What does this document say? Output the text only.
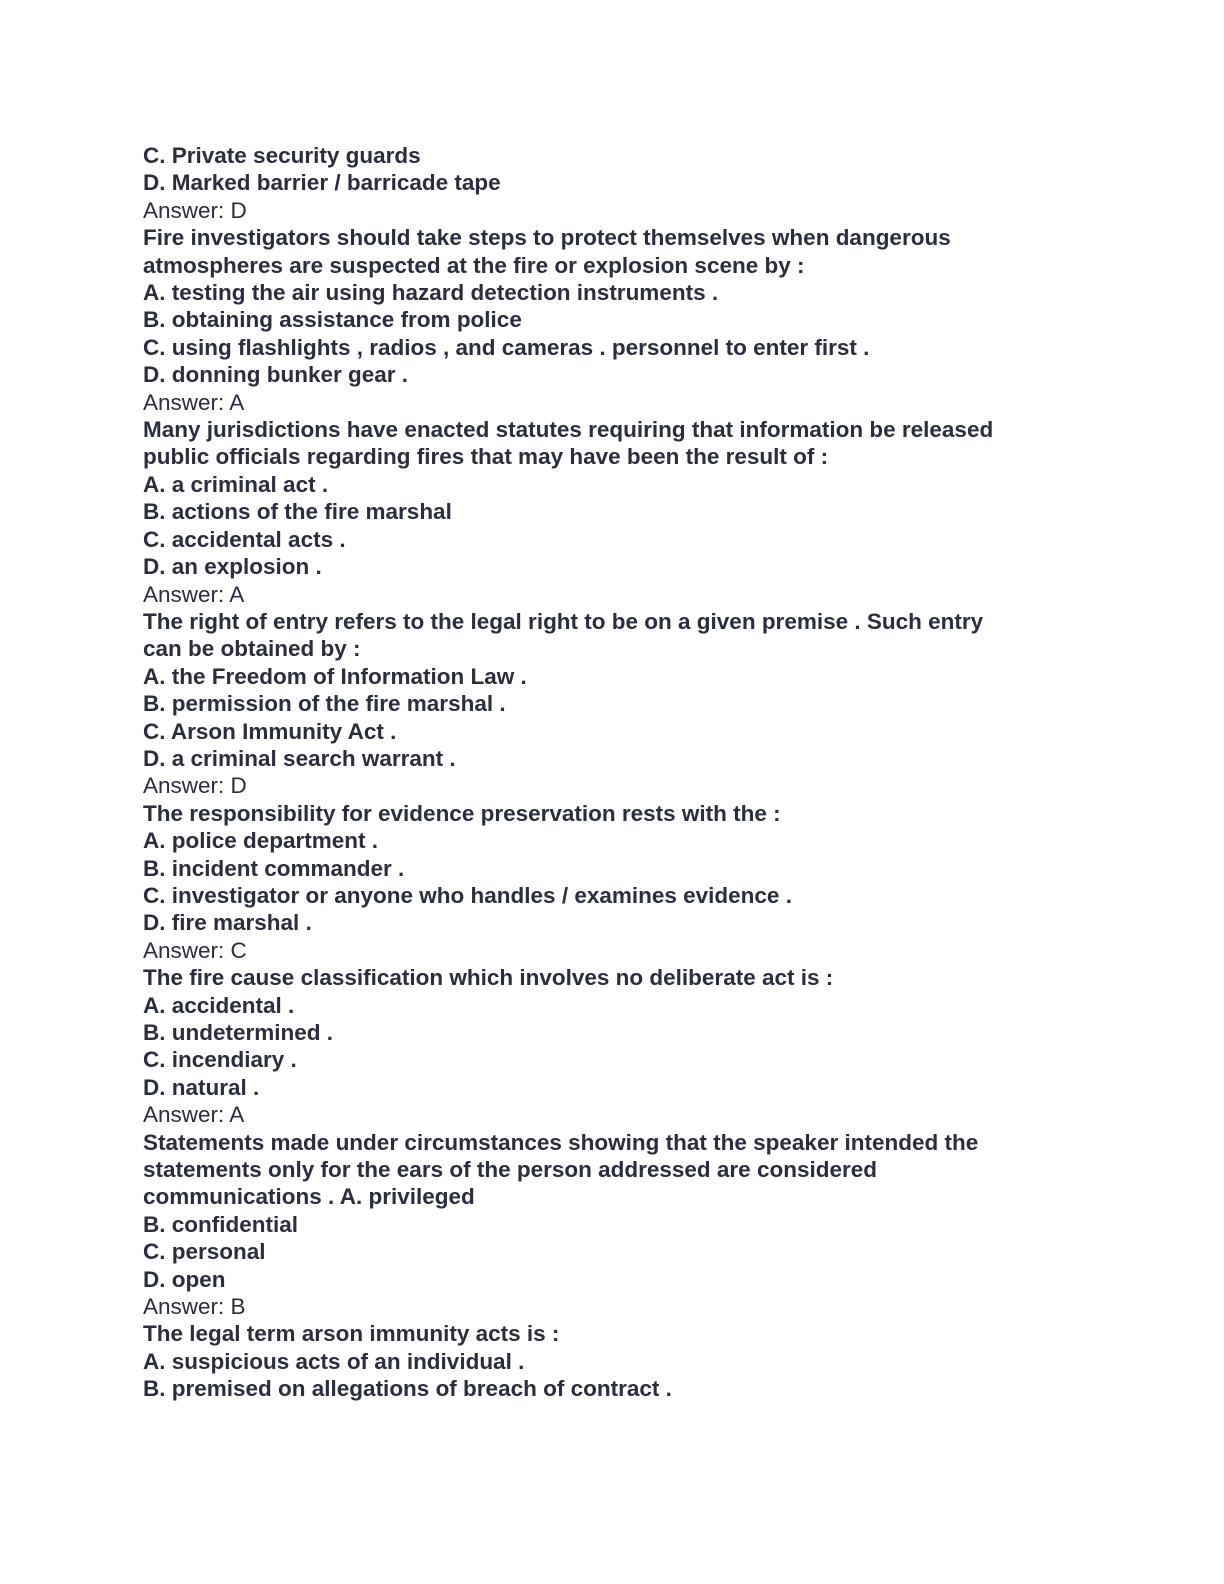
C. Private security guards
D. Marked barrier / barricade tape
Answer: D
Fire investigators should take steps to protect themselves when dangerous
atmospheres are suspected at the fire or explosion scene by :
A. testing the air using hazard detection instruments .
B. obtaining assistance from police
C. using flashlights , radios , and cameras . personnel to enter first .
D. donning bunker gear .
Answer: A
Many jurisdictions have enacted statutes requiring that information be released
public officials regarding fires that may have been the result of :
A. a criminal act .
B. actions of the fire marshal
C. accidental acts .
D. an explosion .
Answer: A
The right of entry refers to the legal right to be on a given premise . Such entry
can be obtained by :
A. the Freedom of Information Law .
B. permission of the fire marshal .
C. Arson Immunity Act .
D. a criminal search warrant .
Answer: D
The responsibility for evidence preservation rests with the :
A. police department .
B. incident commander .
C. investigator or anyone who handles / examines evidence .
D. fire marshal .
Answer: C
The fire cause classification which involves no deliberate act is :
A. accidental .
B. undetermined .
C. incendiary .
D. natural .
Answer: A
Statements made under circumstances showing that the speaker intended the
statements only for the ears of the person addressed are considered
communications . A. privileged
B. confidential
C. personal
D. open
Answer: B
The legal term arson immunity acts is :
A. suspicious acts of an individual .
B. premised on allegations of breach of contract .
